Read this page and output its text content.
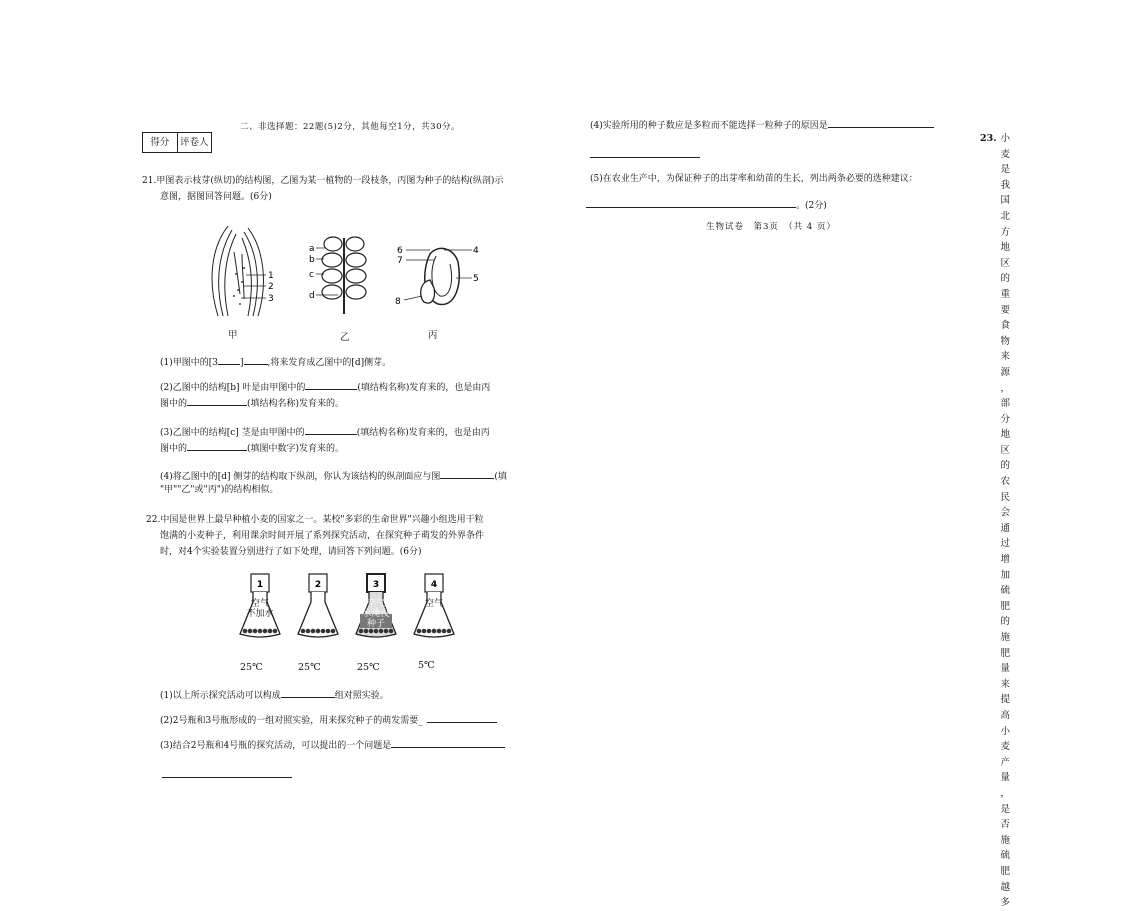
二、非选择题：22题(5)2分，其他每空1分，共30分。
得分	评卷人
21.甲图表示枝芽(纵切)的结构图，乙图为某一植物的一段枝条，丙图为种子的结构(纵剖)示
意图，据图回答问题。(6分)
1
2
3
a
b
c
d
6	4
7
5
8
甲	乙	丙
(1)甲图中的[3 ]	,将来发育成乙图中的[d]侧芽。
(2)乙图中的结构[b] 叶是由甲图中的	(填结构名称)发育来的，也是由丙
图中的	(填结构名称)发育来的。
(3)乙图中的结构[c] 茎是由甲图中的	(填结构名称)发育来的，也是由丙
图中的	(填图中数字)发育来的。
(4)将乙图中的[d] 侧芽的结构取下纵剖，你认为该结构的纵剖面应与图	(填
"甲""乙"或"丙")的结构相似。
22.中国是世界上最早种植小麦的国家之一。某校"多彩的生命世界"兴趣小组选用干粒
饱满的小麦种子，利用课余时间开展了系列探究活动，在探究种子萌发的外界条件
时，对4个实验装置分别进行了如下处理，请回答下列问题。(6分)
1
空气
不加水
2	3
空气
水淹没
种子
4
空气
25℃	25℃	25℃	5℃
(1)以上所示探究活动可以构成	组对照实验。
(2)2号瓶和3号瓶形成的一组对照实验，用来探究种子的萌发需要_
(3)结合2号瓶和4号瓶的探究活动，可以提出的一个问题是
(4)实验所用的种子数应是多粒而不能选择一粒种子的原因是
(5)在农业生产中，为保证种子的出芽率和幼苗的生长，列出两条必要的选种建议：
。(2分)
生物试卷　第3页　（共 4 页）
23. 小
麦
是
我
国
北
方
地
区
的
重
要
食
物
来
源
，
部
分
地
区
的
农
民
会
通
过
增
加
硫
肥
的
施
肥
量
来
提
高
小
麦
产
量
，
是
否
施
硫
肥
越
多
